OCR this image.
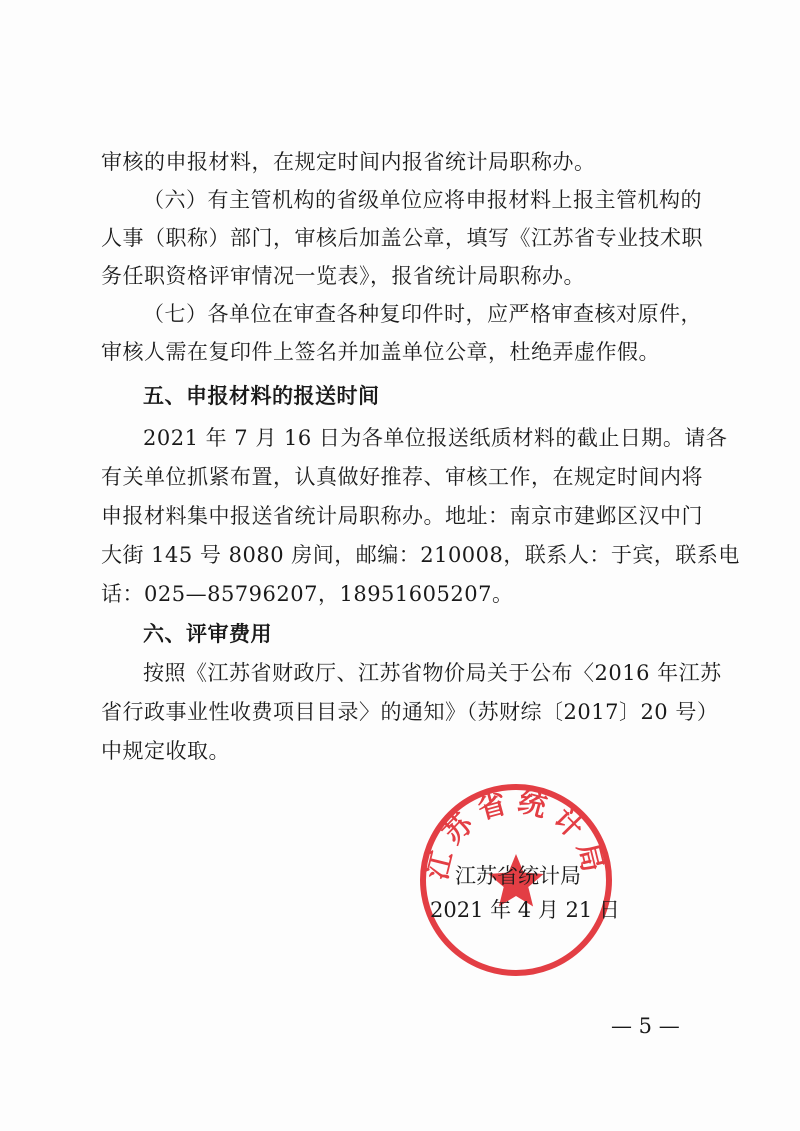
审核的申报材料，在规定时间内报省统计局职称办。
（六）有主管机构的省级单位应将申报材料上报主管机构的
人事（职称）部门，审核后加盖公章，填写《江苏省专业技术职
务任职资格评审情况一览表》，报省统计局职称办。
（七）各单位在审查各种复印件时，应严格审查核对原件，
审核人需在复印件上签名并加盖单位公章，杜绝弄虚作假。
五、申报材料的报送时间
2021 年 7 月 16 日为各单位报送纸质材料的截止日期。请各
有关单位抓紧布置，认真做好推荐、审核工作，在规定时间内将
申报材料集中报送省统计局职称办。地址：南京市建邺区汉中门
大街 145 号 8080 房间，邮编：210008，联系人：于宾，联系电
话：025—85796207，18951605207。
六、评审费用
按照《江苏省财政厅、江苏省物价局关于公布〈2016 年江苏
省行政事业性收费项目目录〉的通知》（苏财综〔2017〕20 号）
中规定收取。
江苏省统计局
江苏省统计局
2021 年 4 月 21 日
— 5 —
